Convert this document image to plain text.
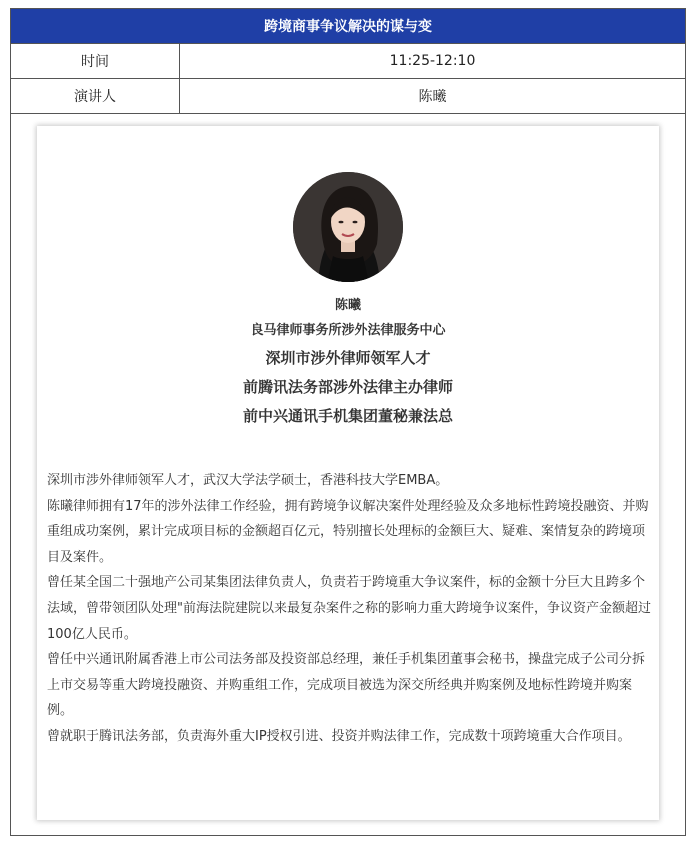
跨境商事争议解决的谋与变
时间	11:25-12:10
演讲人	陈曦
陈曦
良马律师事务所涉外法律服务中心
深圳市涉外律师领军人才
前腾讯法务部涉外法律主办律师
前中兴通讯手机集团董秘兼法总

深圳市涉外律师领军人才，武汉大学法学硕士，香港科技大学EMBA。

陈曦律师拥有17年的涉外法律工作经验，拥有跨境争议解决案件处理经验及众多地标性跨境投融资、并购重组成功案例，累计完成项目标的金额超百亿元，特别擅长处理标的金额巨大、疑难、案情复杂的跨境项目及案件。

曾任某全国二十强地产公司某集团法律负责人，负责若于跨境重大争议案件，标的金额十分巨大且跨多个法域，曾带领团队处理"前海法院建院以来最复杂案件之称的影响力重大跨境争议案件，争议资产金额超过100亿人民币。

曾任中兴通讯附属香港上市公司法务部及投资部总经理，兼任手机集团董事会秘书，操盘完成子公司分拆上市交易等重大跨境投融资、并购重组工作，完成项目被选为深交所经典并购案例及地标性跨境并购案例。

曾就职于腾讯法务部，负责海外重大IP授权引进、投资并购法律工作，完成数十项跨境重大合作项目。
